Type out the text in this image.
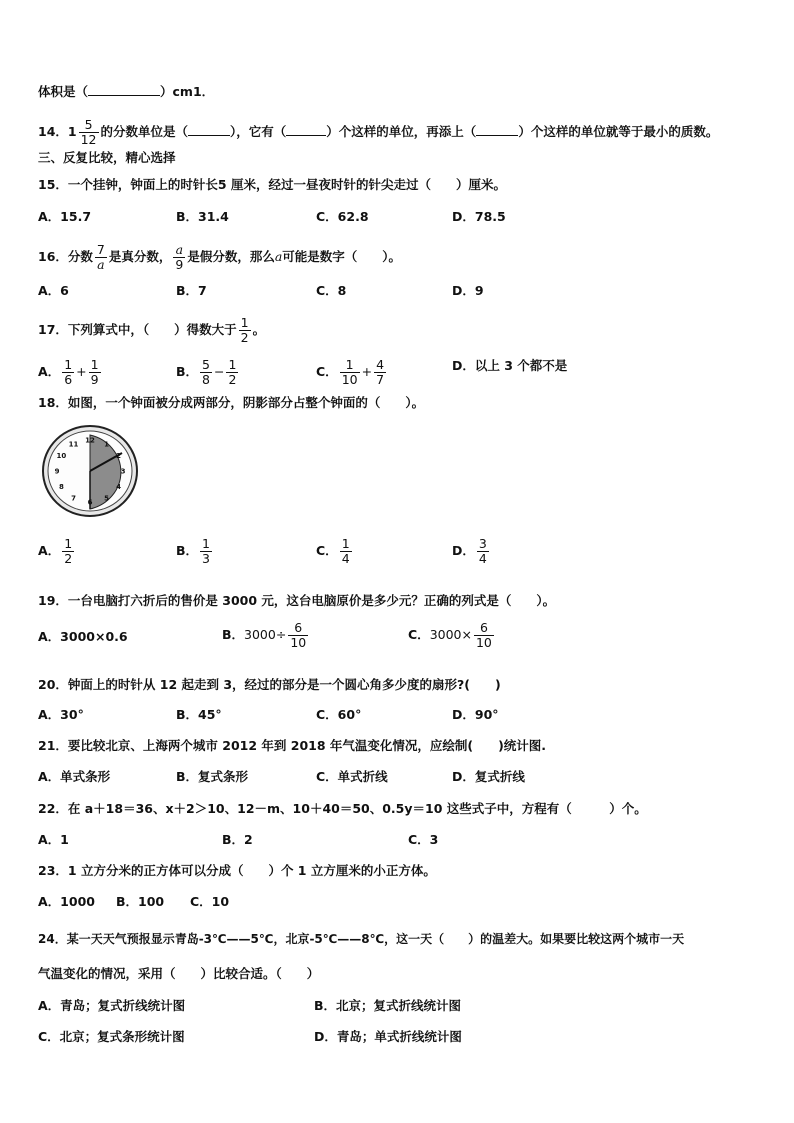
体积是（	）cm1．
14．$1 \frac{5}{12}$ 的分数单位是（	），它有（	）个这样的单位，再添上（	）个这样的单位就等于最小的质数。
三、反复比较，精心选择
15．一个挂钟，钟面上的时针长5 厘米，经过一昼夜时针的针尖走过（　　）厘米。
A．15.7	B．31.4	C．62.8	D．78.5
16．分数 $\frac{7}{a}$ 是真分数， $\frac{a}{9}$ 是假分数，那么a可能是数字（　　）。
A．6	B．7	C．8	D．9
17．下列算式中，（　　）得数大于 $\frac{1}{2}$ 。
A． $\frac{1}{6} + \frac{1}{9}$	B． $\frac{5}{8} - \frac{1}{2}$	C． $\frac{1}{10} + \frac{4}{7}$	D．以上 3 个都不是
18．如图，一个钟面被分成两部分，阴影部分占整个钟面的（　　）。
12
1
2
3
4
5
6
7
8
9
10
11
A． $\frac{1}{2}$	B． $\frac{1}{3}$	C． $\frac{1}{4}$	D． $\frac{3}{4}$
19．一台电脑打六折后的售价是 3000 元，这台电脑原价是多少元？正确的列式是（　　）。
A．3000×0.6	B．$3000\div \frac{6}{10}$	C．$3000\times \frac{6}{10}$
20．钟面上的时针从 12 起走到 3，经过的部分是一个圆心角多少度的扇形?(　　)
A．30°	B．45°	C．60°	D．90°
21．要比较北京、上海两个城市 2012 年到 2018 年气温变化情况，应绘制(　　)统计图.
A．单式条形	B．复式条形	C．单式折线	D．复式折线
22．在 a＋18＝36、x＋2＞10、12－m、10＋40＝50、0.5y＝10 这些式子中，方程有（　　　）个。
A．1	B．2	C．3
23．1 立方分米的正方体可以分成（　　）个 1 立方厘米的小正方体。
A．1000 B．100 C．10
24．某一天天气预报显示青岛-3℃——5℃，北京-5℃——8℃，这一天（　　）的温差大。如果要比较这两个城市一天
气温变化的情况，采用（　　）比较合适。（　　）
A．青岛；复式折线统计图	B．北京；复式折线统计图
C．北京；复式条形统计图	D．青岛；单式折线统计图
